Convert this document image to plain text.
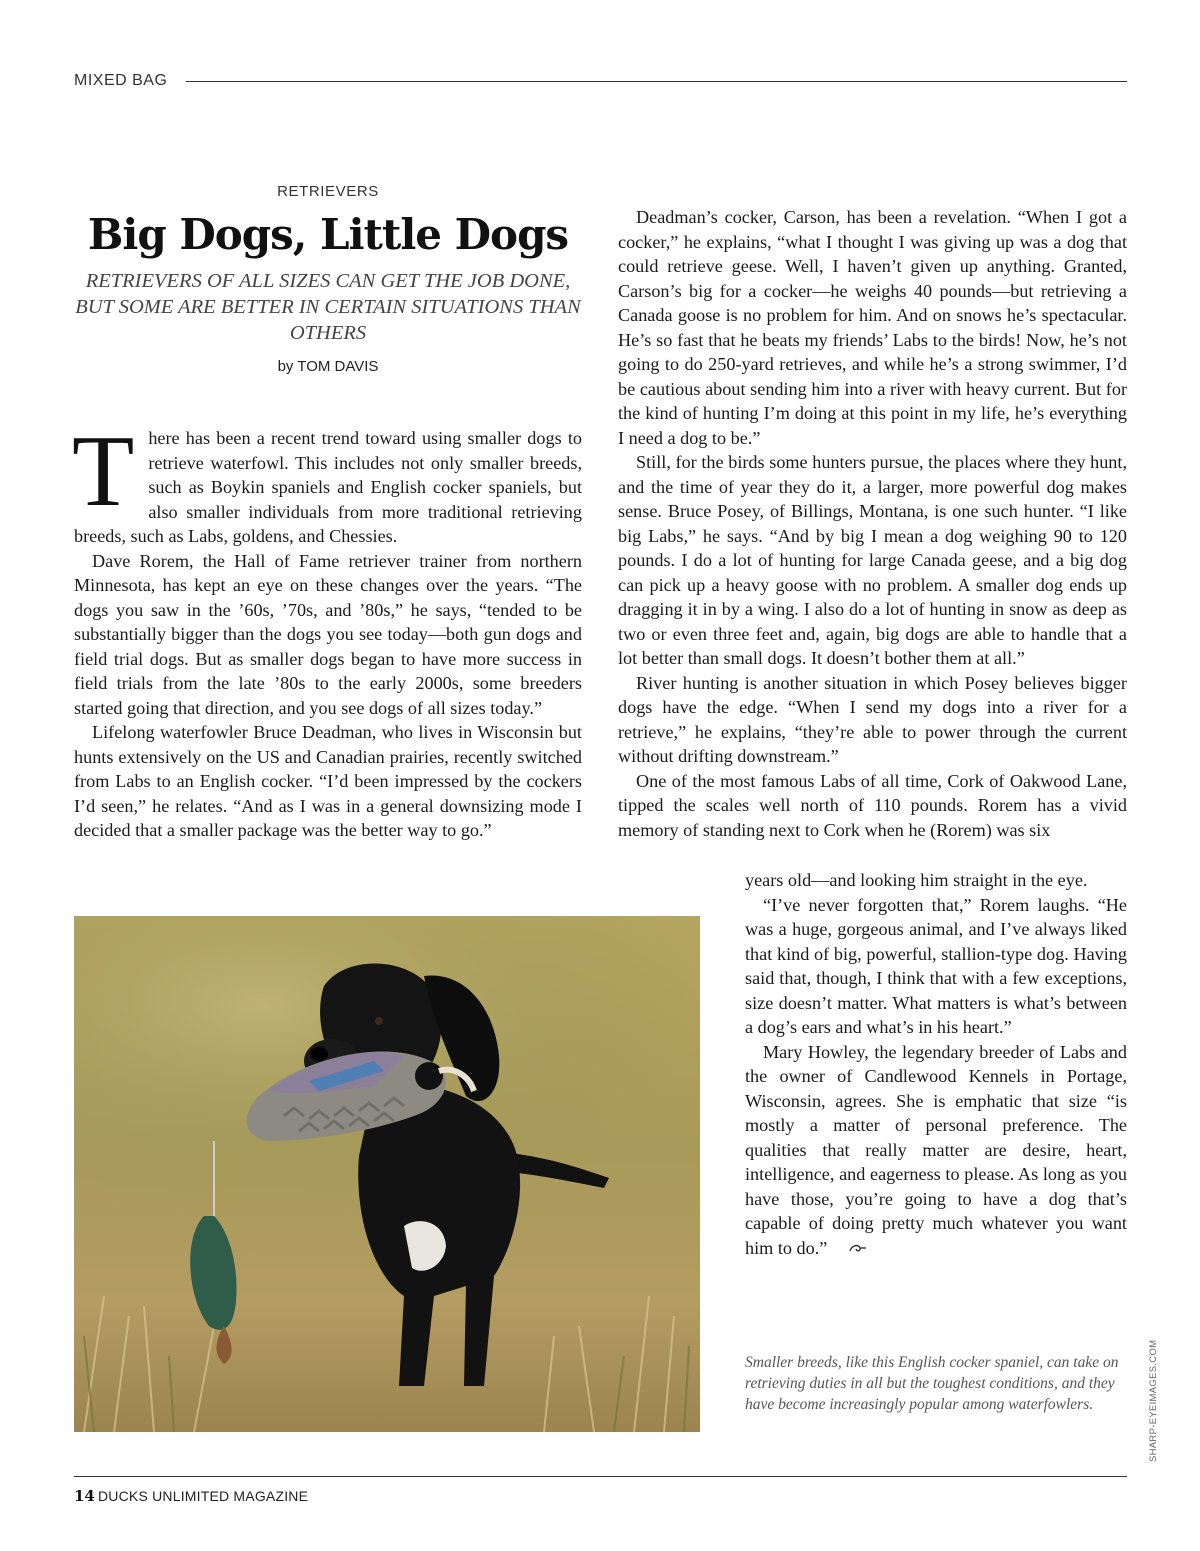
MIXED BAG
RETRIEVERS
Big Dogs, Little Dogs
RETRIEVERS OF ALL SIZES CAN GET THE JOB DONE, BUT SOME ARE BETTER IN CERTAIN SITUATIONS THAN OTHERS
by TOM DAVIS

There has been a recent trend toward using smaller dogs to retrieve waterfowl. This includes not only smaller breeds, such as Boykin spaniels and English cocker spaniels, but also smaller individuals from more traditional retrieving breeds, such as Labs, goldens, and Chessies.

Dave Rorem, the Hall of Fame retriever trainer from northern Minnesota, has kept an eye on these changes over the years. “The dogs you saw in the ’60s, ’70s, and ’80s,” he says, “tended to be substantially bigger than the dogs you see today—both gun dogs and field trial dogs. But as smaller dogs began to have more success in field trials from the late ’80s to the early 2000s, some breeders started going that direction, and you see dogs of all sizes today.”

Lifelong waterfowler Bruce Deadman, who lives in Wisconsin but hunts extensively on the US and Canadian prairies, recently switched from Labs to an English cocker. “I’d been impressed by the cockers I’d seen,” he relates. “And as I was in a general downsizing mode I decided that a smaller package was the better way to go.”

Deadman’s cocker, Carson, has been a revelation. “When I got a cocker,” he explains, “what I thought I was giving up was a dog that could retrieve geese. Well, I haven’t given up anything. Granted, Carson’s big for a cocker—he weighs 40 pounds—but retrieving a Canada goose is no problem for him. And on snows he’s spectacular. He’s so fast that he beats my friends’ Labs to the birds! Now, he’s not going to do 250-yard retrieves, and while he’s a strong swimmer, I’d be cautious about sending him into a river with heavy current. But for the kind of hunting I’m doing at this point in my life, he’s everything I need a dog to be.”

Still, for the birds some hunters pursue, the places where they hunt, and the time of year they do it, a larger, more powerful dog makes sense. Bruce Posey, of Billings, Montana, is one such hunter. “I like big Labs,” he says. “And by big I mean a dog weighing 90 to 120 pounds. I do a lot of hunting for large Canada geese, and a big dog can pick up a heavy goose with no problem. A smaller dog ends up dragging it in by a wing. I also do a lot of hunting in snow as deep as two or even three feet and, again, big dogs are able to handle that a lot better than small dogs. It doesn’t bother them at all.”

River hunting is another situation in which Posey believes bigger dogs have the edge. “When I send my dogs into a river for a retrieve,” he explains, “they’re able to power through the current without drifting downstream.”

One of the most famous Labs of all time, Cork of Oakwood Lane, tipped the scales well north of 110 pounds. Rorem has a vivid memory of standing next to Cork when he (Rorem) was six

years old—and looking him straight in the eye.

“I’ve never forgotten that,” Rorem laughs. “He was a huge, gorgeous animal, and I’ve always liked that kind of big, powerful, stallion-type dog. Having said that, though, I think that with a few exceptions, size doesn’t matter. What matters is what’s between a dog’s ears and what’s in his heart.”

Mary Howley, the legendary breeder of Labs and the owner of Candlewood Kennels in Portage, Wisconsin, agrees. She is emphatic that size “is mostly a matter of personal preference. The qualities that really matter are desire, heart, intelligence, and eagerness to please. As long as you have those, you’re going to have a dog that’s capable of doing pretty much whatever you want him to do.”

Smaller breeds, like this English cocker spaniel, can take on retrieving duties in all but the toughest conditions, and they have become increasingly popular among waterfowlers.	SHARP-EYEIMAGES.COM
14 DUCKS UNLIMITED MAGAZINE
